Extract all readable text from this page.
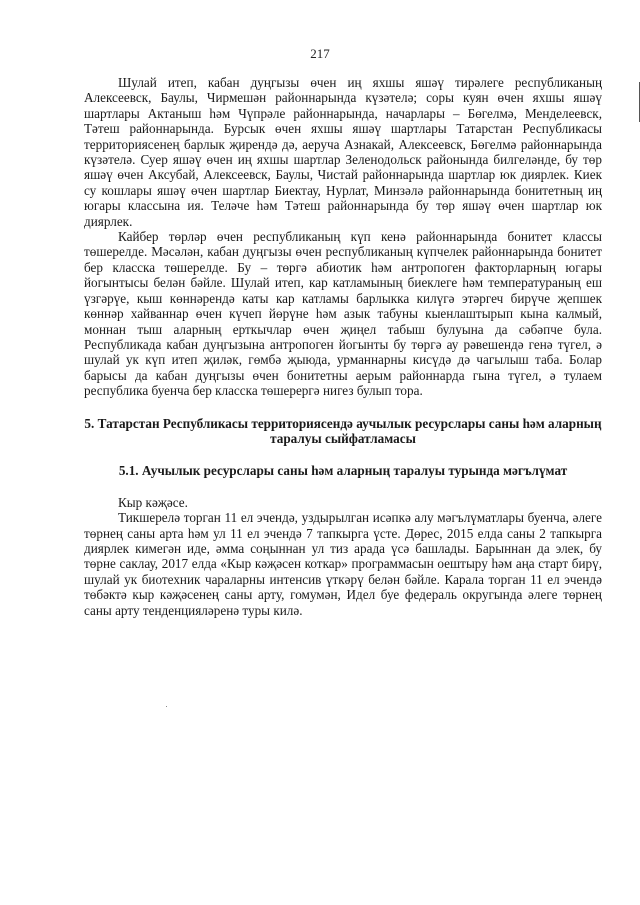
217

Шулай итеп, кабан дуңгызы өчен иң яхшы яшәү тирәлеге республиканың Алексеевск, Баулы, Чирмешән районнарында күзәтелә; соры куян өчен яхшы яшәү шартлары Актаныш һәм Чүпрәле районнарында, начарлары – Бөгелмә, Менделеевск, Тәтеш районнарында. Бурсык өчен яхшы яшәү шартлары Татарстан Республикасы территориясенең барлык җирендә дә, аеруча Азнакай, Алексеевск, Бөгелмә районнарында күзәтелә. Суер яшәү өчен иң яхшы шартлар Зеленодольск районында билгеләнде, бу төр яшәү өчен Аксубай, Алексеевск, Баулы, Чистай районнарында шартлар юк диярлек. Киек су кошлары яшәү өчен шартлар Биектау, Нурлат, Минзәлә районнарында бонитетның иң югары классына ия. Теләче һәм Тәтеш районнарында бу төр яшәү өчен шартлар юк диярлек.

Кайбер төрләр өчен республиканың күп кенә районнарында бонитет классы төшерелде. Мәсәлән, кабан дуңгызы өчен республиканың күпчелек районнарында бонитет бер класска төшерелде. Бу – төргә абиотик һәм антропоген факторларның югары йогынтысы белән бәйле. Шулай итеп, кар катламының биеклеге һәм температураның еш үзгәрүе, кыш көннәрендә каты кар катламы барлыкка килүгә этәргеч бирүче җепшек көннәр хайваннар өчен күчеп йөрүне һәм азык табуны кыенлаштырып кына калмый, моннан тыш аларның ерткычлар өчен җиңел табыш булуына да сәбәпче була. Республикада кабан дуңгызына антропоген йогынты бу төргә ау рәвешендә генә түгел, ә шулай ук күп итеп җиләк, гөмбә җыюда, урманнарны кисүдә дә чагылыш таба. Болар барысы да кабан дуңгызы өчен бонитетны аерым районнарда гына түгел, ә тулаем республика буенча бер класска төшерергә нигез булып тора.

5. Татарстан Республикасы территориясендә аучылык ресурслары саны һәм аларның таралуы сыйфатламасы

5.1. Аучылык ресурслары саны һәм аларның таралуы турында мәгълүмат

Кыр кәҗәсе.

Тикшерелә торган 11 ел эчендә, уздырылган исәпкә алу мәгълүматлары буенча, әлеге төрнең саны арта һәм ул 11 ел эчендә 7 тапкырга үсте. Дөрес, 2015 елда саны 2 тапкырга диярлек кимегән иде, әмма соңыннан ул тиз арада үсә башлады. Барыннан да элек, бу төрне саклау, 2017 елда «Кыр кәҗәсен коткар» программасын оештыру һәм аңа старт бирү, шулай ук биотехник чараларны интенсив үткәрү белән бәйле. Карала торган 11 ел эчендә төбәктә кыр кәҗәсенең саны арту, гомумән, Идел буе федераль округында әлеге төрнең саны арту тенденцияләренә туры килә.
